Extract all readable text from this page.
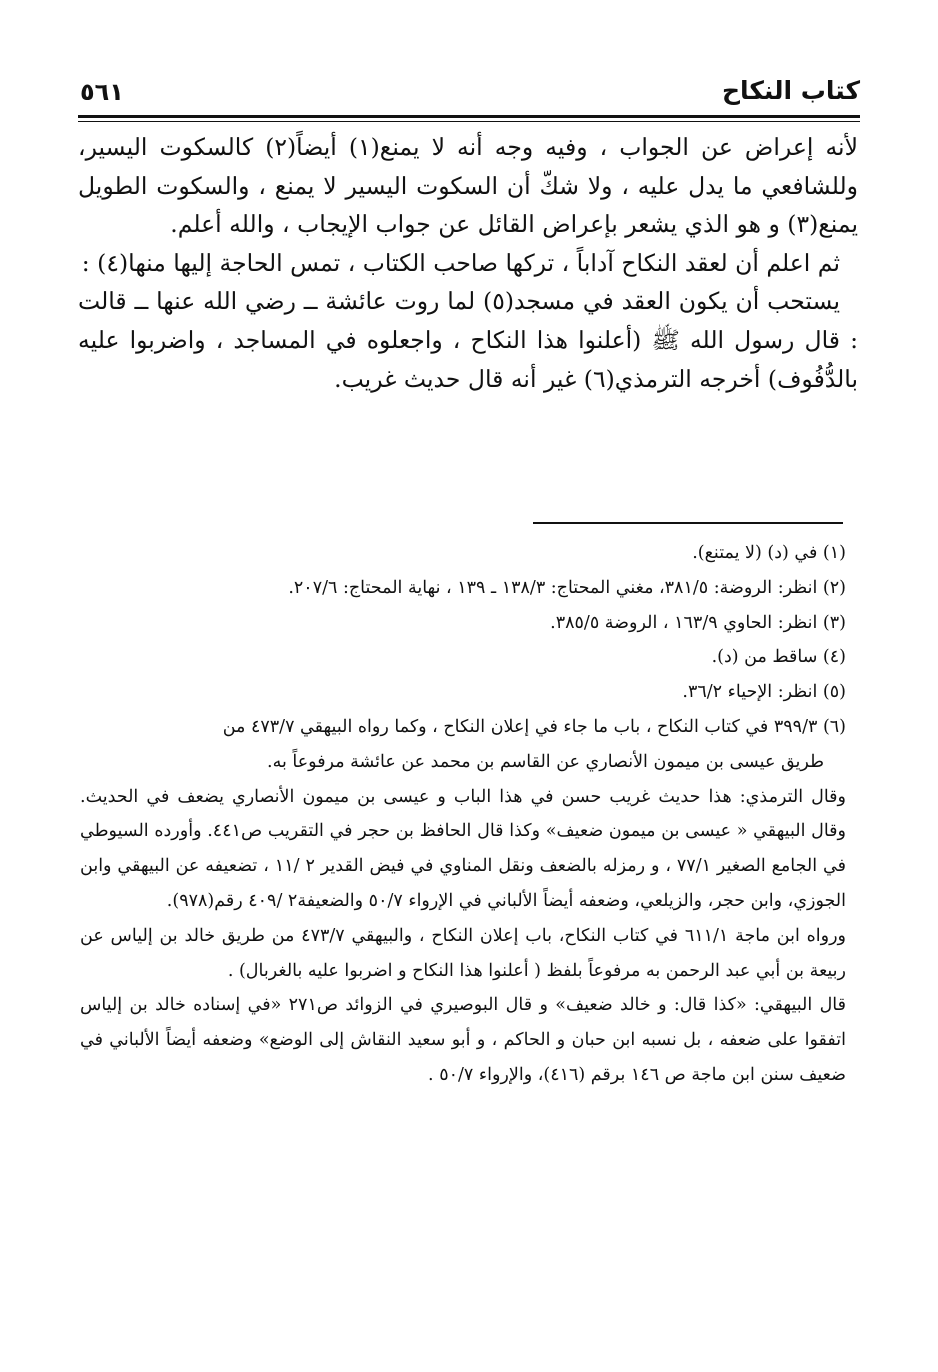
كتاب النكاح
٥٦١

لأنه إعراض عن الجواب ، وفيه وجه أنه لا يمنع(١) أيضاً(٢) كالسكوت اليسير، وللشافعي ما يدل عليه ، ولا شكّ أن السكوت اليسير لا يمنع ، والسكوت الطويل يمنع(٣) و هو الذي يشعر بإعراض القائل عن جواب الإيجاب ، والله أعلم.

ثم اعلم أن لعقد النكاح آداباً ، تركها صاحب الكتاب ، تمس الحاجة إليها منها(٤) :

يستحب أن يكون العقد في مسجد(٥) لما روت عائشة ــ رضي الله عنها ــ قالت : قال رسول الله ﷺ (أعلنوا هذا النكاح ، واجعلوه في المساجد ، واضربوا عليه بالدُّفُوف) أخرجه الترمذي(٦) غير أنه قال حديث غريب.

(١) في (د) (لا يمتنع).

(٢) انظر: الروضة: ٣٨١/٥، مغني المحتاج: ١٣٨/٣ ـ ١٣٩ ، نهاية المحتاج: ٢٠٧/٦.

(٣) انظر: الحاوي ١٦٣/٩ ، الروضة ٣٨٥/٥.

(٤) ساقط من (د).

(٥) انظر: الإحياء ٣٦/٢.

(٦) ٣٩٩/٣ في كتاب النكاح ، باب ما جاء في إعلان النكاح ، وكما رواه البيهقي ٤٧٣/٧ من

طريق عيسى بن ميمون الأنصاري عن القاسم بن محمد عن عائشة مرفوعاً به.

وقال الترمذي: هذا حديث غريب حسن في هذا الباب و عيسى بن ميمون الأنصاري يضعف في الحديث. وقال البيهقي « عيسى بن ميمون ضعيف» وكذا قال الحافظ بن حجر في التقريب ص٤٤١. وأورده السيوطي في الجامع الصغير ٧٧/١ ، و رمزله بالضعف ونقل المناوي في فيض القدير ٢ /١١ ، تضعيفه عن البيهقي وابن الجوزي، وابن حجر، والزيلعي، وضعفه أيضاً الألباني في الإرواء ٥٠/٧ والضعيفة٢ /٤٠٩ رقم(٩٧٨).

ورواه ابن ماجة ٦١١/١ في كتاب النكاح، باب إعلان النكاح ، والبيهقي ٤٧٣/٧ من طريق خالد بن إلياس عن ربيعة بن أبي عبد الرحمن به مرفوعاً بلفظ ( أعلنوا هذا النكاح و اضربوا عليه بالغربال) .

قال البيهقي: «كذا قال: و خالد ضعيف» و قال البوصيري في الزوائد ص٢٧١ «في إسناده خالد بن إلياس اتفقوا على ضعفه ، بل نسبه ابن حبان و الحاكم ، و أبو سعيد النقاش إلى الوضع» وضعفه أيضاً الألباني في ضعيف سنن ابن ماجة ص ١٤٦ برقم (٤١٦)، والإرواء ٥٠/٧ .
